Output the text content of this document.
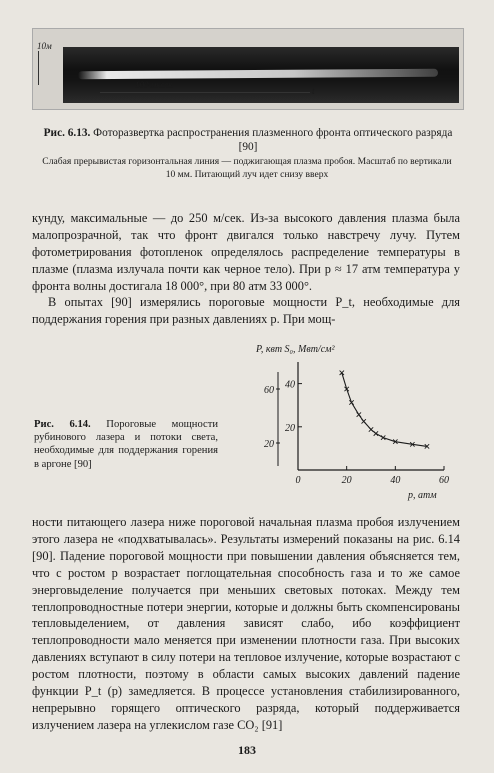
10м
100 мксек
t
Рис. 6.13. Фоторазвертка распространения плазменного фронта оптического разряда [90]
Слабая прерывистая горизонтальная линия — поджигающая плазма пробоя. Масштаб по вертикали 10 мм. Питающий луч идет снизу вверх
кунду, максимальные — до 250 м/сек. Из-за высокого давления плазма была малопрозрачной, так что фронт двигался только навстречу лучу. Путем фотометрирования фотопленок определялось распределение температуры в плазме (плазма излучала почти как черное тело). При p ≈ 17 атм температура у фронта волны достигала 18 000°, при 80 атм 33 000°.
В опытах [90] измерялись пороговые мощности P_t, необходимые для поддержания горения при разных давлениях p. При мощ-
Рис. 6.14. Пороговые мощности рубинового лазера и потоки света, необходимые для поддержания горения в аргоне [90]
P, квт S₀, Мвт/см²
0	20	40	60
20
40
20
60
p, атм
ности питающего лазера ниже пороговой начальная плазма пробоя излучением этого лазера не «подхватывалась». Результаты измерений показаны на рис. 6.14 [90]. Падение пороговой мощности при повышении давления объясняется тем, что с ростом p возрастает поглощательная способность газа и то же самое энерговыделение получается при меньших световых потоках. Между тем теплопроводностные потери энергии, которые и должны быть скомпенсированы тепловыделением, от давления зависят слабо, ибо коэффициент теплопроводности мало меняется при изменении плотности газа. При высоких давлениях вступают в силу потери на тепловое излучение, которые возрастают с ростом плотности, поэтому в области самых высоких давлений падение функции P_t (p) замедляется. В процессе установления стабилизированного, непрерывно горящего оптического разряда, который поддерживается излучением лазера на углекислом газе CO₂ [91]
183
